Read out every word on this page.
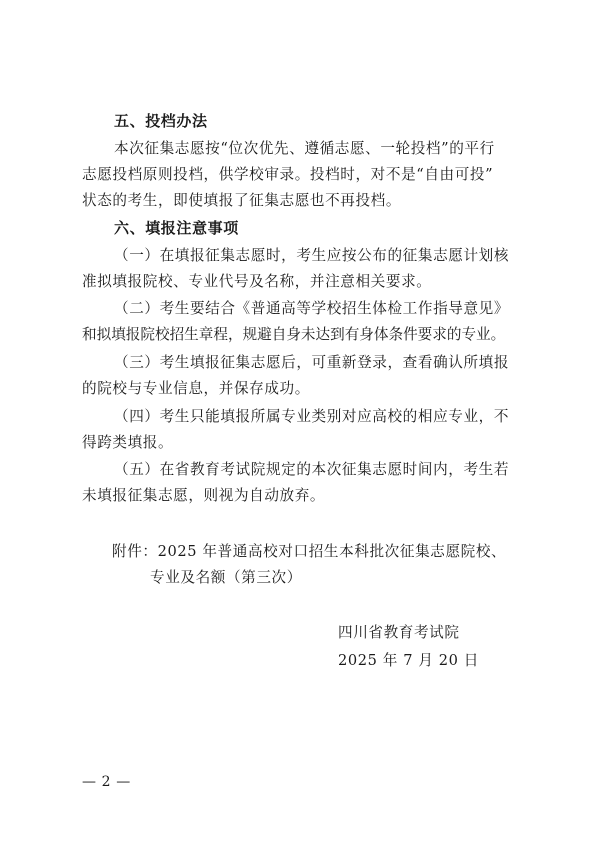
五、投档办法
本次征集志愿按“位次优先、遵循志愿、一轮投档”的平行
志愿投档原则投档，供学校审录。投档时，对不是“自由可投”
状态的考生，即使填报了征集志愿也不再投档。
六、填报注意事项
（一）在填报征集志愿时，考生应按公布的征集志愿计划核
准拟填报院校、专业代号及名称，并注意相关要求。
（二）考生要结合《普通高等学校招生体检工作指导意见》
和拟填报院校招生章程，规避自身未达到有身体条件要求的专业。
（三）考生填报征集志愿后，可重新登录，查看确认所填报
的院校与专业信息，并保存成功。
（四）考生只能填报所属专业类别对应高校的相应专业，不
得跨类填报。
（五）在省教育考试院规定的本次征集志愿时间内，考生若
未填报征集志愿，则视为自动放弃。
附件：2025 年普通高校对口招生本科批次征集志愿院校、
专业及名额（第三次）
四川省教育考试院
2025 年 7 月 20 日
— 2 —
